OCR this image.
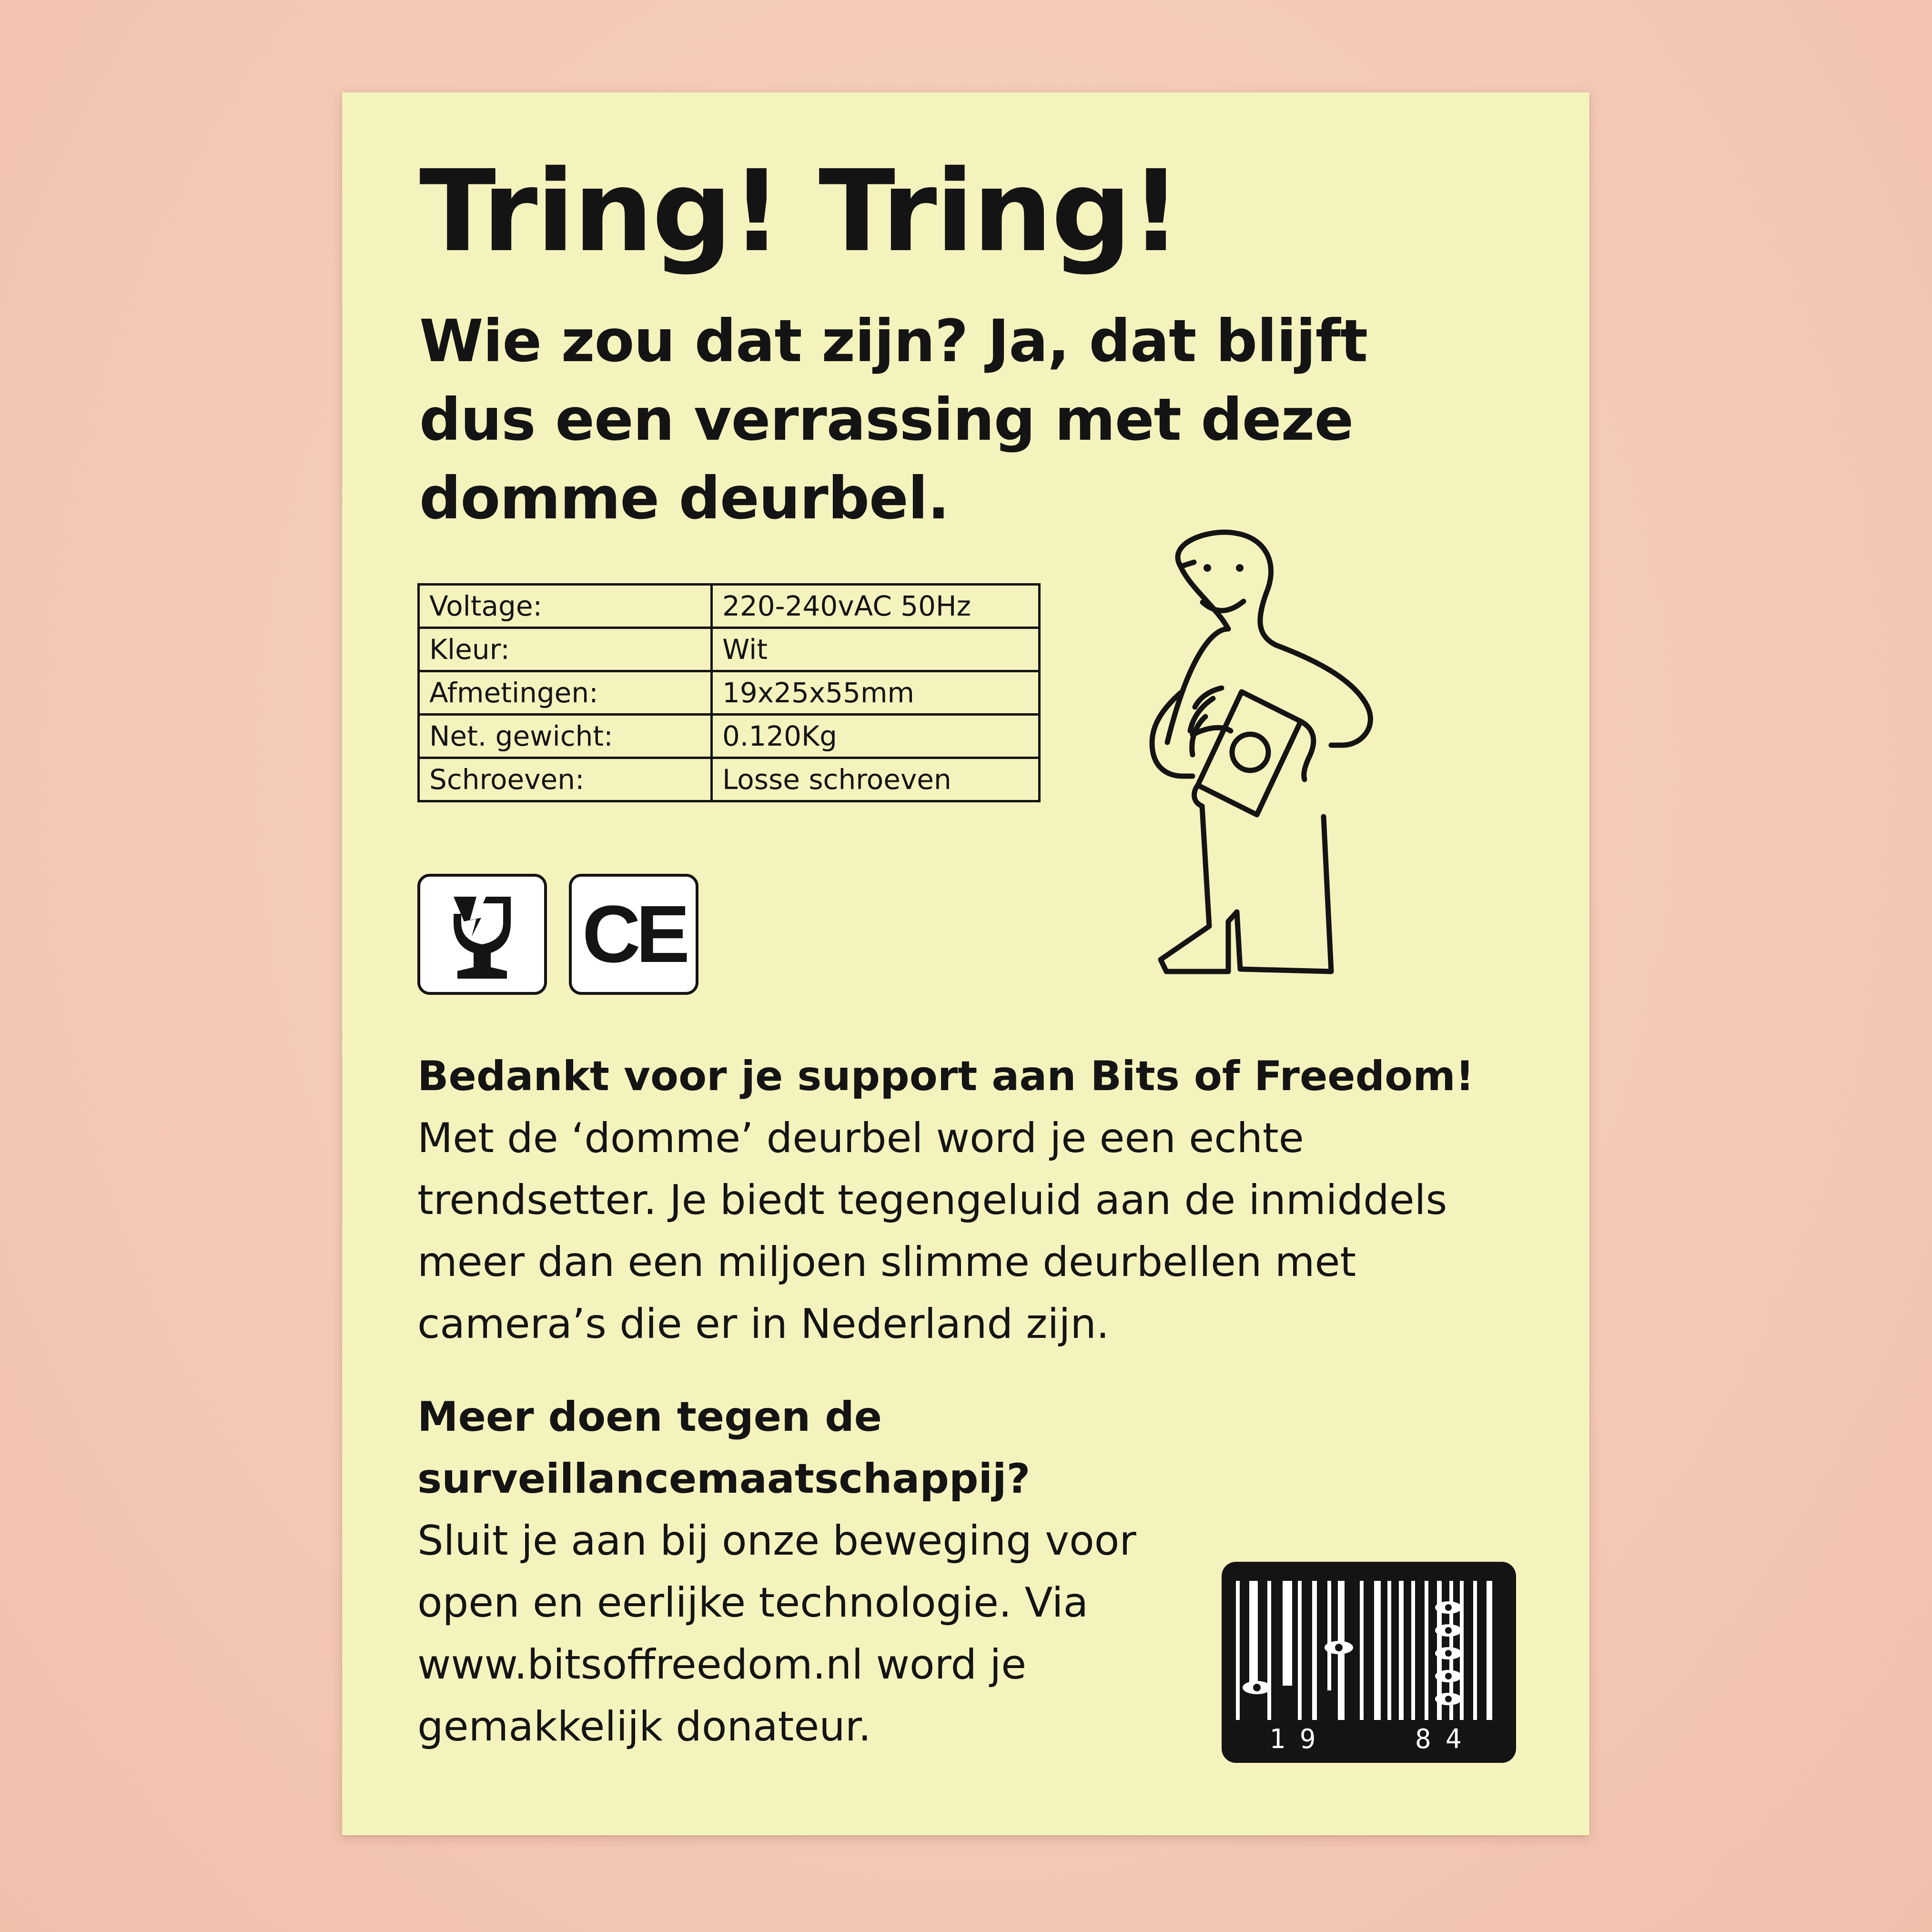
Tring! Tring!

Wie zou dat zijn? Ja, dat blijft dus een verrassing met deze domme deurbel.

Voltage:	220-240vAC 50Hz
Kleur:	Wit
Afmetingen:	19x25x55mm
Net. gewicht:	0.120Kg
Schroeven:	Losse schroeven
CE
Bedankt voor je support aan Bits of Freedom!
Met de ‘domme’ deurbel word je een echte trendsetter. Je biedt tegengeluid aan de inmiddels meer dan een miljoen slimme deurbellen met camera’s die er in Nederland zijn.
Meer doen tegen de surveillancemaatschappij?
Sluit je aan bij onze beweging voor open en eerlijke technologie. Via www.bitsoffreedom.nl word je gemakkelijk donateur.	19	84
